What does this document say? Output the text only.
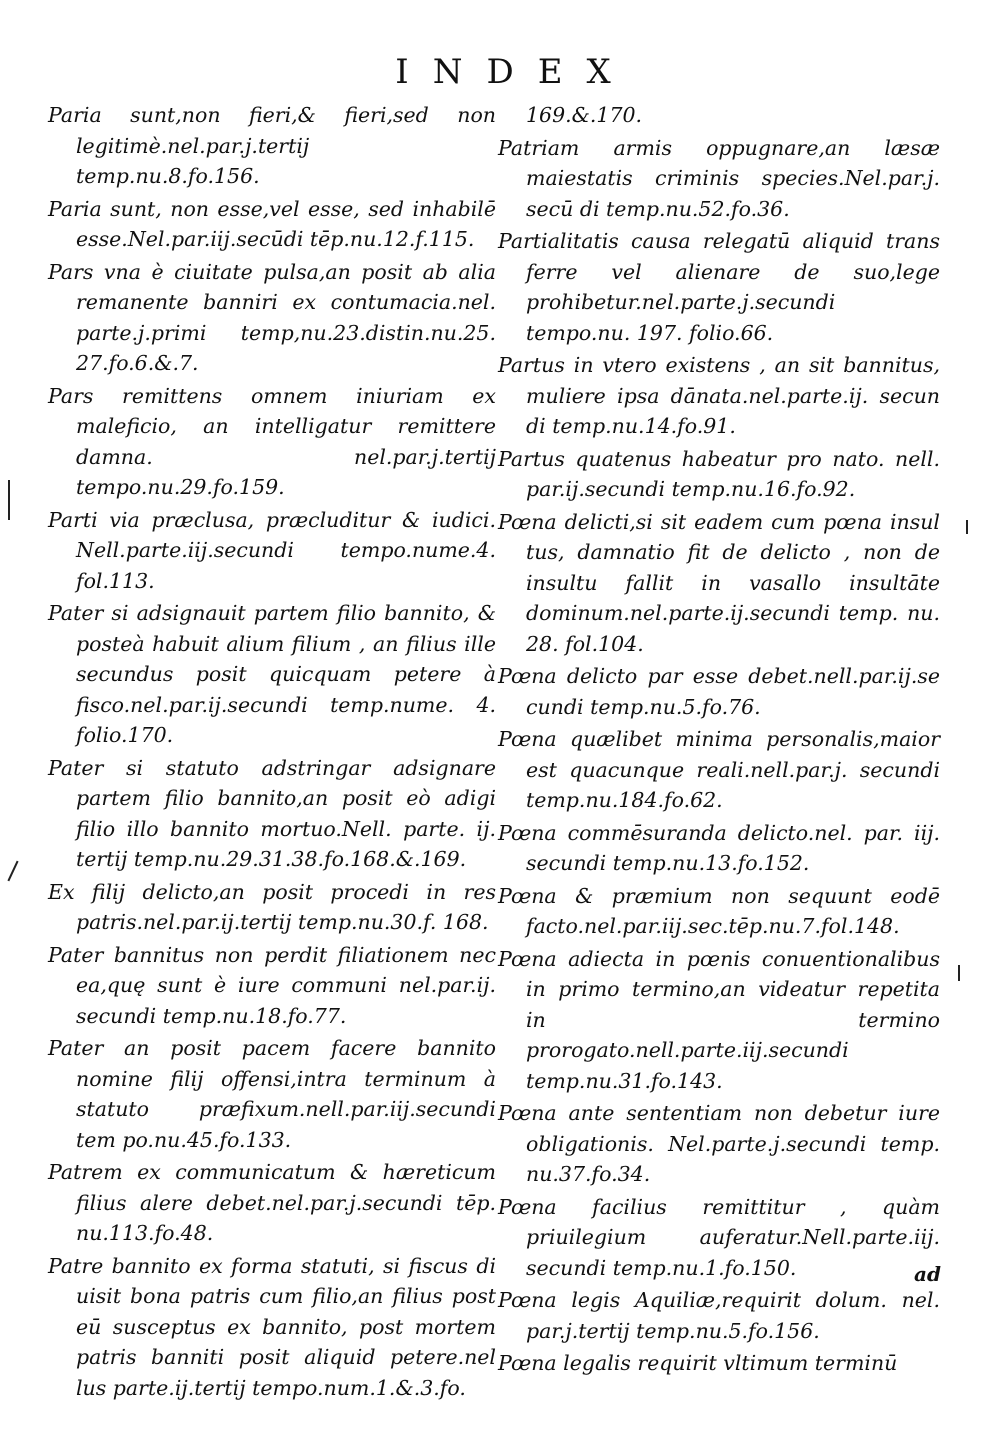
INDEX

Paria sunt,non fieri,& fieri,sed non legitimè.nel.par.j.tertij temp.nu.8.fo.156.

Paria sunt, non esse,vel esse, sed inhabilē esse.Nel.par.iij.secūdi tēp.nu.12.f.115.

Pars vna è ciuitate pulsa,an posit ab alia remanente banniri ex contumacia.nel. parte.j.primi temp,nu.23.distin.nu.25. 27.fo.6.&.7.

Pars remittens omnem iniuriam ex maleficio, an intelligatur remittere damna. nel.par.j.tertij tempo.nu.29.fo.159.

Parti via præclusa, præcluditur & iudici. Nell.parte.iij.secundi tempo.nume.4. fol.113.

Pater si adsignauit partem filio bannito, & posteà habuit alium filium , an filius ille secundus posit quicquam petere à fisco.nel.par.ij.secundi temp.nume. 4. folio.170.

Pater si statuto adstringar adsignare partem filio bannito,an posit eò adigi filio illo bannito mortuo.Nell. parte. ij. tertij temp.nu.29.31.38.fo.168.&.169.

Ex filij delicto,an posit procedi in res patris.nel.par.ij.tertij temp.nu.30.f. 168.

Pater bannitus non perdit filiationem nec ea,quę sunt è iure communi nel.par.ij. secundi temp.nu.18.fo.77.

Pater an posit pacem facere bannito nomine filij offensi,intra terminum à statuto præfixum.nell.par.iij.secundi tem po.nu.45.fo.133.

Patrem ex communicatum & hæreticum filius alere debet.nel.par.j.secundi tēp. nu.113.fo.48.

Patre bannito ex forma statuti, si fiscus di uisit bona patris cum filio,an filius post eū susceptus ex bannito, post mortem patris banniti posit aliquid petere.nel lus parte.ij.tertij tempo.num.1.&.3.fo.

169.&.170.

Patriam armis oppugnare,an læsæ maiestatis criminis species.Nel.par.j. secū di temp.nu.52.fo.36.

Partialitatis causa relegatū aliquid trans ferre vel alienare de suo,lege prohibetur.nel.parte.j.secundi tempo.nu. 197. folio.66.

Partus in vtero existens , an sit bannitus, muliere ipsa dānata.nel.parte.ij. secun di temp.nu.14.fo.91.

Partus quatenus habeatur pro nato. nell. par.ij.secundi temp.nu.16.fo.92.

Pœna delicti,si sit eadem cum pœna insul tus, damnatio fit de delicto , non de insultu fallit in vasallo insultāte dominum.nel.parte.ij.secundi temp. nu. 28. fol.104.

Pœna delicto par esse debet.nell.par.ij.se cundi temp.nu.5.fo.76.

Pœna quælibet minima personalis,maior est quacunque reali.nell.par.j. secundi temp.nu.184.fo.62.

Pœna commēsuranda delicto.nel. par. iij. secundi temp.nu.13.fo.152.

Pœna & præmium non sequunt eodē facto.nel.par.iij.sec.tēp.nu.7.fol.148.

Pœna adiecta in pœnis conuentionalibus in primo termino,an videatur repetita in termino prorogato.nell.parte.iij.secundi temp.nu.31.fo.143.

Pœna ante sententiam non debetur iure obligationis. Nel.parte.j.secundi temp. nu.37.fo.34.

Pœna facilius remittitur , quàm priuilegium auferatur.Nell.parte.iij. secundi temp.nu.1.fo.150.

Pœna legis Aquiliæ,requirit dolum. nel. par.j.tertij temp.nu.5.fo.156.

Pœna legalis requirit vltimum terminū

ad
